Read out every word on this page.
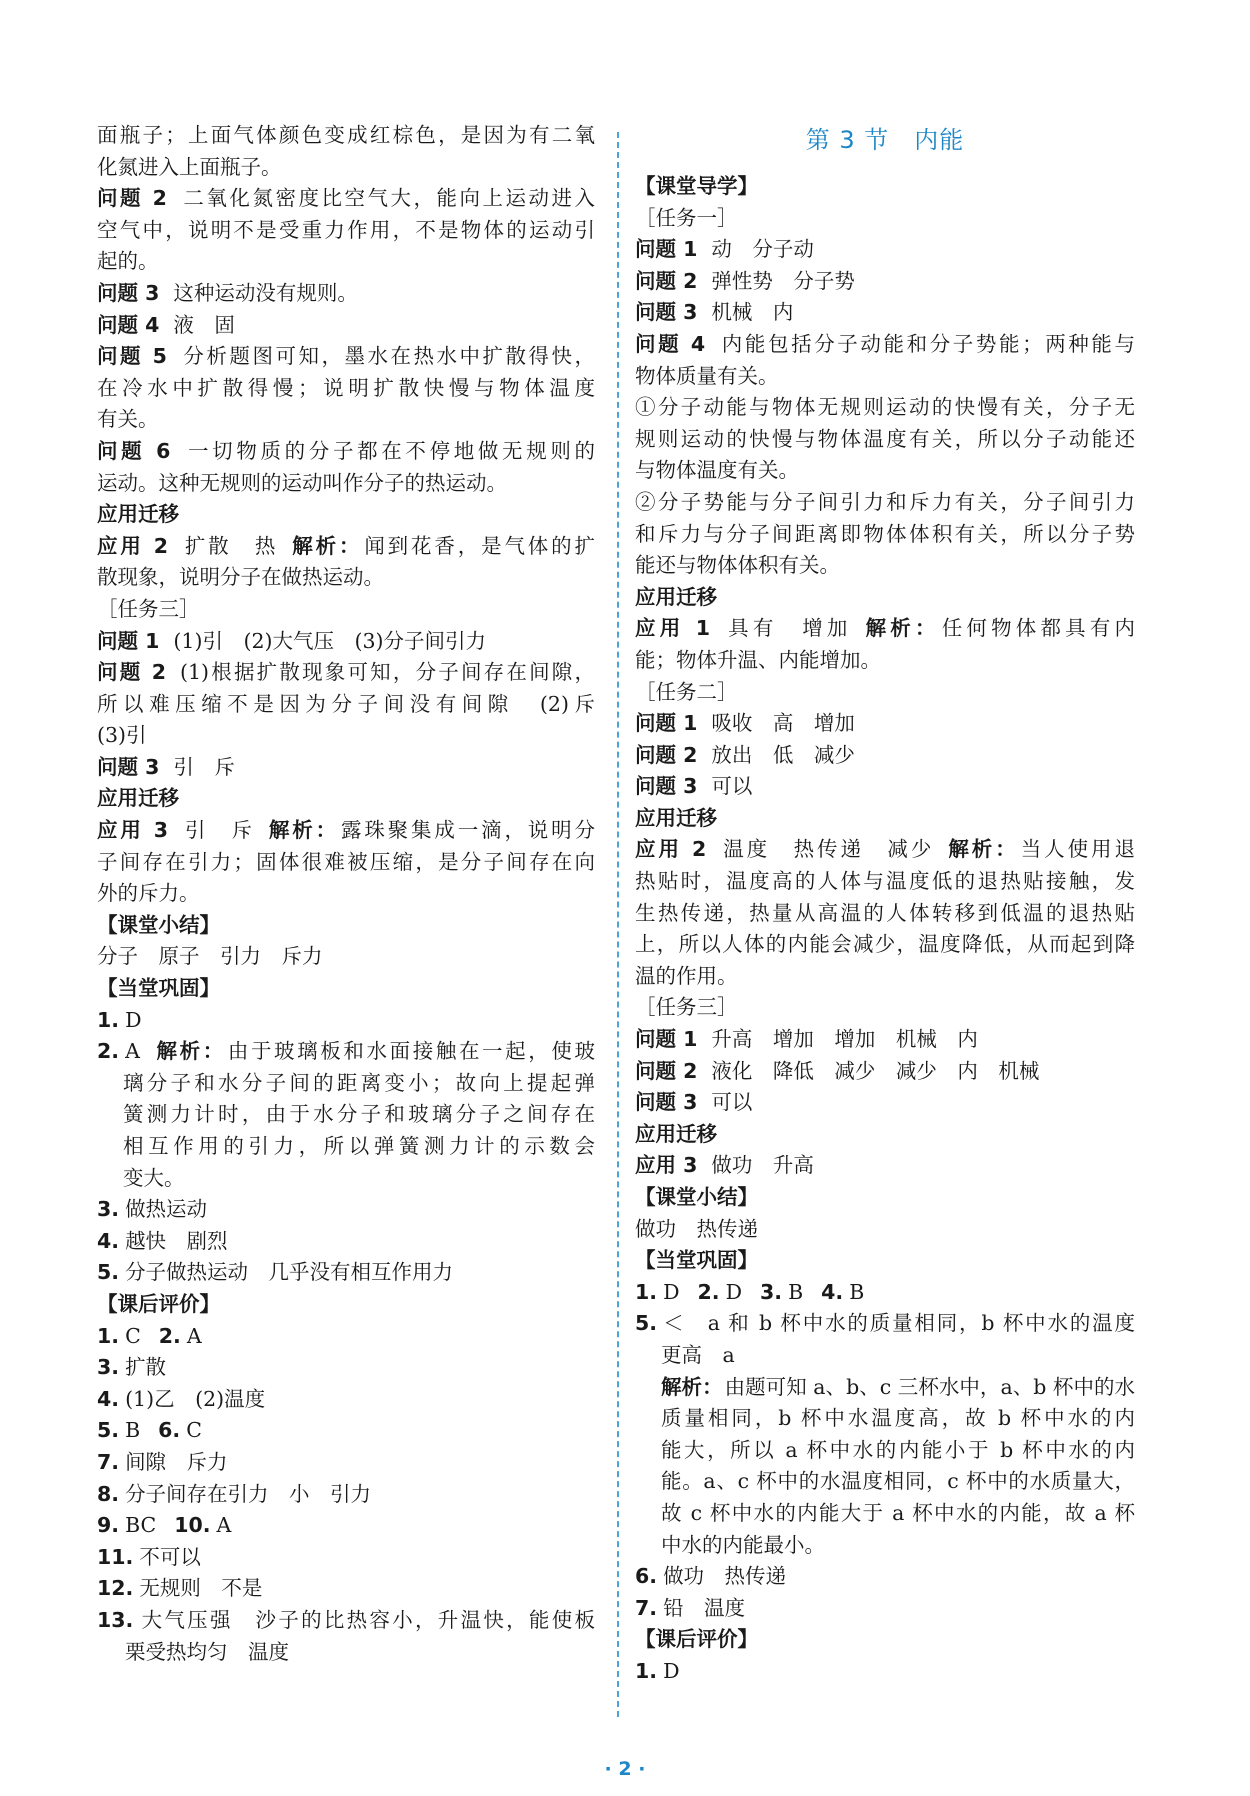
面瓶子；上面气体颜色变成红棕色，是因为有二氧

化氮进入上面瓶子。

问题 2 二氧化氮密度比空气大，能向上运动进入

空气中，说明不是受重力作用，不是物体的运动引

起的。

问题 3 这种运动没有规则。

问题 4 液　固

问题 5 分析题图可知，墨水在热水中扩散得快，

在冷水中扩散得慢；说明扩散快慢与物体温度

有关。

问题 6 一切物质的分子都在不停地做无规则的

运动。这种无规则的运动叫作分子的热运动。

应用迁移

应用 2 扩散　热 解析：闻到花香，是气体的扩

散现象，说明分子在做热运动。

［任务三］

问题 1 (1)引　(2)大气压　(3)分子间引力

问题 2 (1)根据扩散现象可知，分子间存在间隙，

所以难压缩不是因为分子间没有间隙　(2)斥

(3)引

问题 3 引　斥

应用迁移

应用 3 引　斥 解析：露珠聚集成一滴，说明分

子间存在引力；固体很难被压缩，是分子间存在向

外的斥力。

【课堂小结】

分子　原子　引力　斥力

【当堂巩固】

1. D

2. A 解析：由于玻璃板和水面接触在一起，使玻

璃分子和水分子间的距离变小；故向上提起弹

簧测力计时，由于水分子和玻璃分子之间存在

相互作用的引力，所以弹簧测力计的示数会

变大。

3. 做热运动

4. 越快　剧烈

5. 分子做热运动　几乎没有相互作用力

【课后评价】

1. C 2. A

3. 扩散

4. (1)乙　(2)温度

5. B 6. C

7. 间隙　斥力

8. 分子间存在引力　小　引力

9. BC 10. A

11. 不可以

12. 无规则　不是

13. 大气压强　沙子的比热容小，升温快，能使板

栗受热均匀　温度

第 3 节　内能

【课堂导学】

［任务一］

问题 1 动　分子动

问题 2 弹性势　分子势

问题 3 机械　内

问题 4 内能包括分子动能和分子势能；两种能与

物体质量有关。

①分子动能与物体无规则运动的快慢有关，分子无

规则运动的快慢与物体温度有关，所以分子动能还

与物体温度有关。

②分子势能与分子间引力和斥力有关，分子间引力

和斥力与分子间距离即物体体积有关，所以分子势

能还与物体体积有关。

应用迁移

应用 1 具有　增加 解析：任何物体都具有内

能；物体升温、内能增加。

［任务二］

问题 1 吸收　高　增加

问题 2 放出　低　减少

问题 3 可以

应用迁移

应用 2 温度　热传递　减少 解析：当人使用退

热贴时，温度高的人体与温度低的退热贴接触，发

生热传递，热量从高温的人体转移到低温的退热贴

上，所以人体的内能会减少，温度降低，从而起到降

温的作用。

［任务三］

问题 1 升高　增加　增加　机械　内

问题 2 液化　降低　减少　减少　内　机械

问题 3 可以

应用迁移

应用 3 做功　升高

【课堂小结】

做功　热传递

【当堂巩固】

1. D 2. D 3. B 4. B

5. ＜　a 和 b 杯中水的质量相同，b 杯中水的温度

更高　a

解析：由题可知 a、b、c 三杯水中，a、b 杯中的水

质量相同，b 杯中水温度高，故 b 杯中水的内

能大，所以 a 杯中水的内能小于 b 杯中水的内

能。a、c 杯中的水温度相同，c 杯中的水质量大，

故 c 杯中水的内能大于 a 杯中水的内能，故 a 杯

中水的内能最小。

6. 做功　热传递

7. 铅　温度

【课后评价】

1. D

· 2 ·
